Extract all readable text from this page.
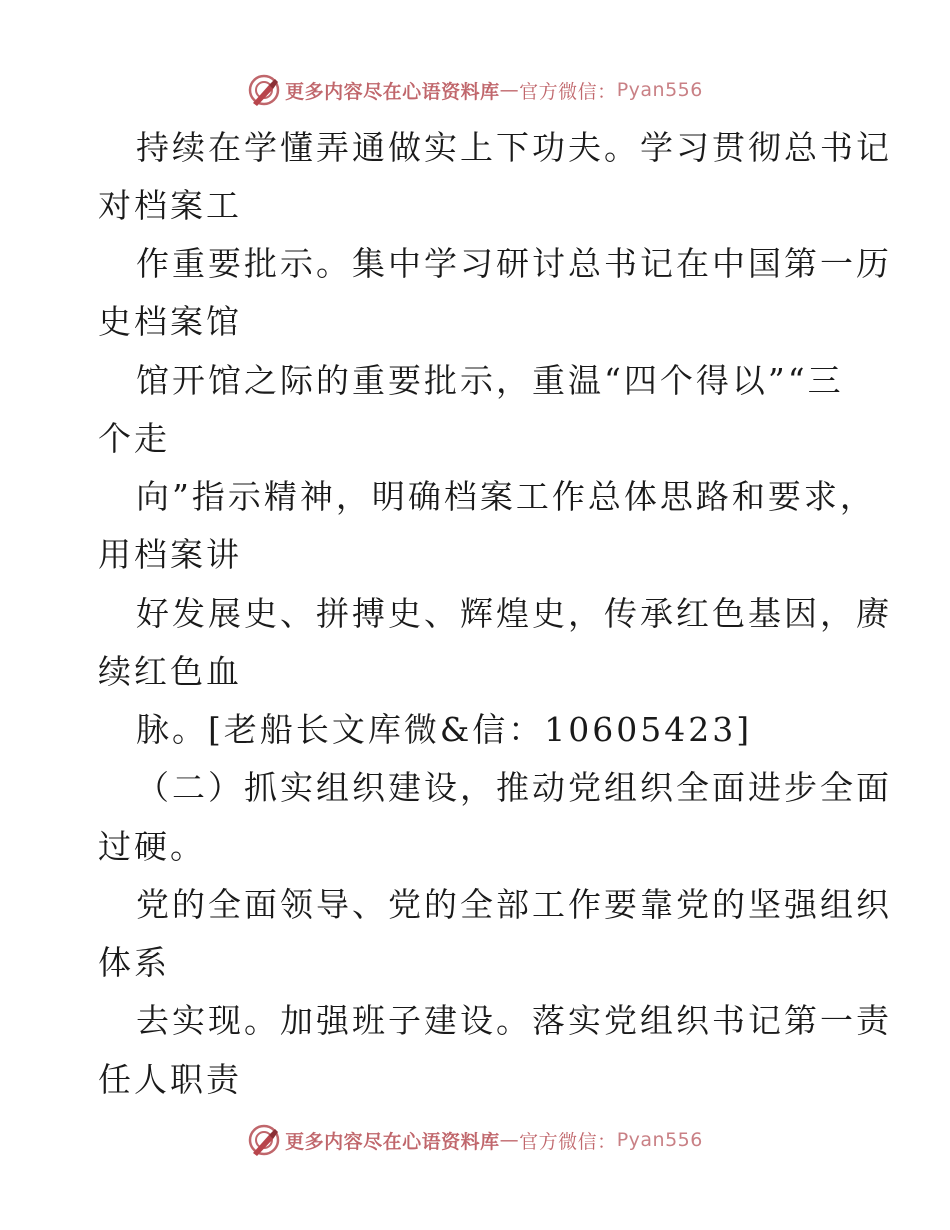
更多内容尽在心语资料库 — 官方微信： Pyan556
持续在学懂弄通做实上下功夫。学习贯彻总书记
对档案工
作重要批示。集中学习研讨总书记在中国第一历
史档案馆
馆开馆之际的重要批示，重温“四个得以”“三
个走
向”指示精神，明确档案工作总体思路和要求，
用档案讲
好发展史、拼搏史、辉煌史，传承红色基因，赓
续红色血
脉。[老船长文库微&信：10605423]
（二）抓实组织建设，推动党组织全面进步全面
过硬。
党的全面领导、党的全部工作要靠党的坚强组织
体系
去实现。加强班子建设。落实党组织书记第一责
任人职责
更多内容尽在心语资料库 — 官方微信： Pyan556
